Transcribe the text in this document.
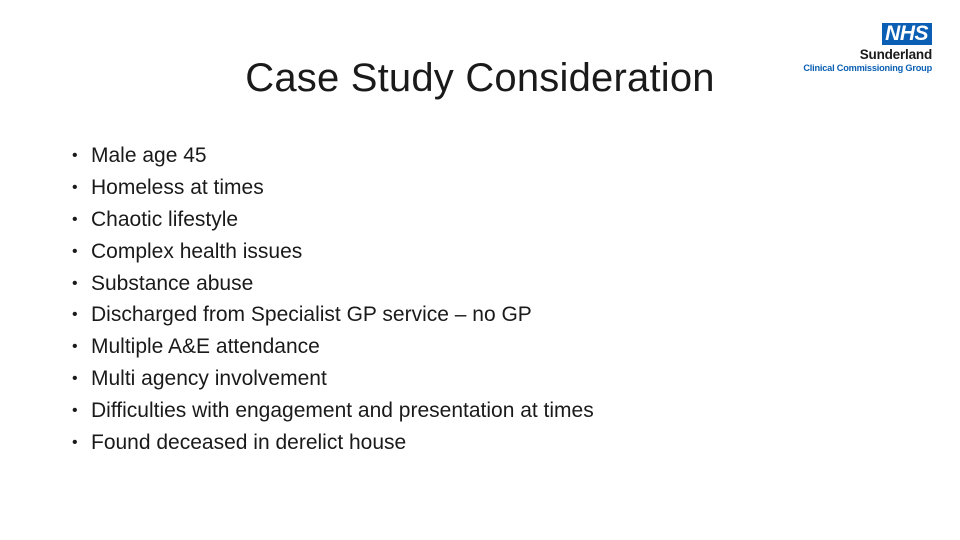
Case Study Consideration
NHS
Sunderland
Clinical Commissioning Group
• Male age 45
• Homeless at times
• Chaotic lifestyle
• Complex health issues
• Substance abuse
• Discharged from Specialist GP service – no GP
• Multiple A&E attendance
• Multi agency involvement
• Difficulties with engagement and presentation at times
• Found deceased in derelict house
